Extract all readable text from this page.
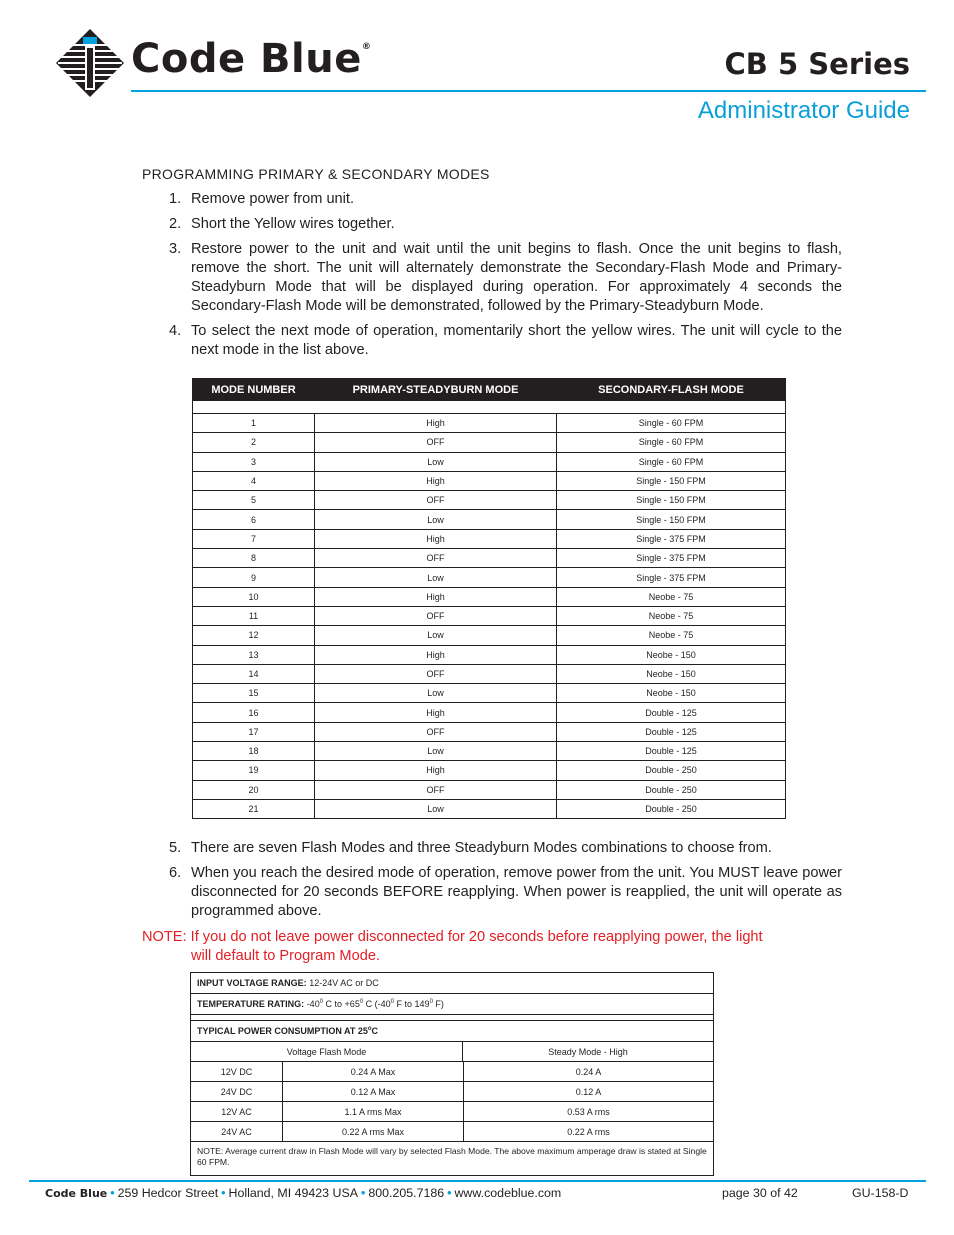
Code Blue®	CB 5 Series
Administrator Guide
PROGRAMMING PRIMARY & SECONDARY MODES
1. Remove power from unit.
2. Short the Yellow wires together.
3. Restore power to the unit and wait until the unit begins to flash. Once the unit begins to flash, remove the short. The unit will alternately demonstrate the Secondary-Flash Mode and Primary-Steadyburn Mode that will be displayed during operation. For approximately 4 seconds the Secondary-Flash Mode will be demonstrated, followed by the Primary-Steadyburn Mode.
4. To select the next mode of operation, momentarily short the yellow wires. The unit will cycle to the next mode in the list above.
MODE NUMBER	PRIMARY-STEADYBURN MODE	SECONDARY-FLASH MODE

1	High	Single - 60 FPM
2	OFF	Single - 60 FPM
3	Low	Single - 60 FPM
4	High	Single - 150 FPM
5	OFF	Single - 150 FPM
6	Low	Single - 150 FPM
7	High	Single - 375 FPM
8	OFF	Single - 375 FPM
9	Low	Single - 375 FPM
10	High	Neobe - 75
11	OFF	Neobe - 75
12	Low	Neobe - 75
13	High	Neobe - 150
14	OFF	Neobe - 150
15	Low	Neobe - 150
16	High	Double - 125
17	OFF	Double - 125
18	Low	Double - 125
19	High	Double - 250
20	OFF	Double - 250
21	Low	Double - 250
5. There are seven Flash Modes and three Steadyburn Modes combinations to choose from.
6. When you reach the desired mode of operation, remove power from the unit. You MUST leave power disconnected for 20 seconds BEFORE reapplying. When power is reapplied, the unit will operate as programmed above.
NOTE: If you do not leave power disconnected for 20 seconds before reapplying power, the light
will default to Program Mode.
INPUT VOLTAGE RANGE:
12-24V AC or DC
TEMPERATURE RATING:
$-40^0$ C to $+65^0$ C ($-40^0$ F to $149^0$ F)
TYPICAL POWER CONSUMPTION AT 25$^o$C
Voltage Flash Mode	Steady Mode - High
12V DC	0.24 A Max	0.24 A
24V DC	0.12 A Max	0.12 A
12V AC	1.1 A rms Max	0.53 A rms
24V AC	0.22 A rms Max	0.22 A rms
NOTE: Average current draw in Flash Mode will vary by selected Flash Mode. The above maximum amperage draw is stated at Single 60 FPM.
Code Blue • 259 Hedcor Street • Holland, MI 49423 USA • 800.205.7186 • www.codeblue.com	page 30 of 42	GU-158-D
